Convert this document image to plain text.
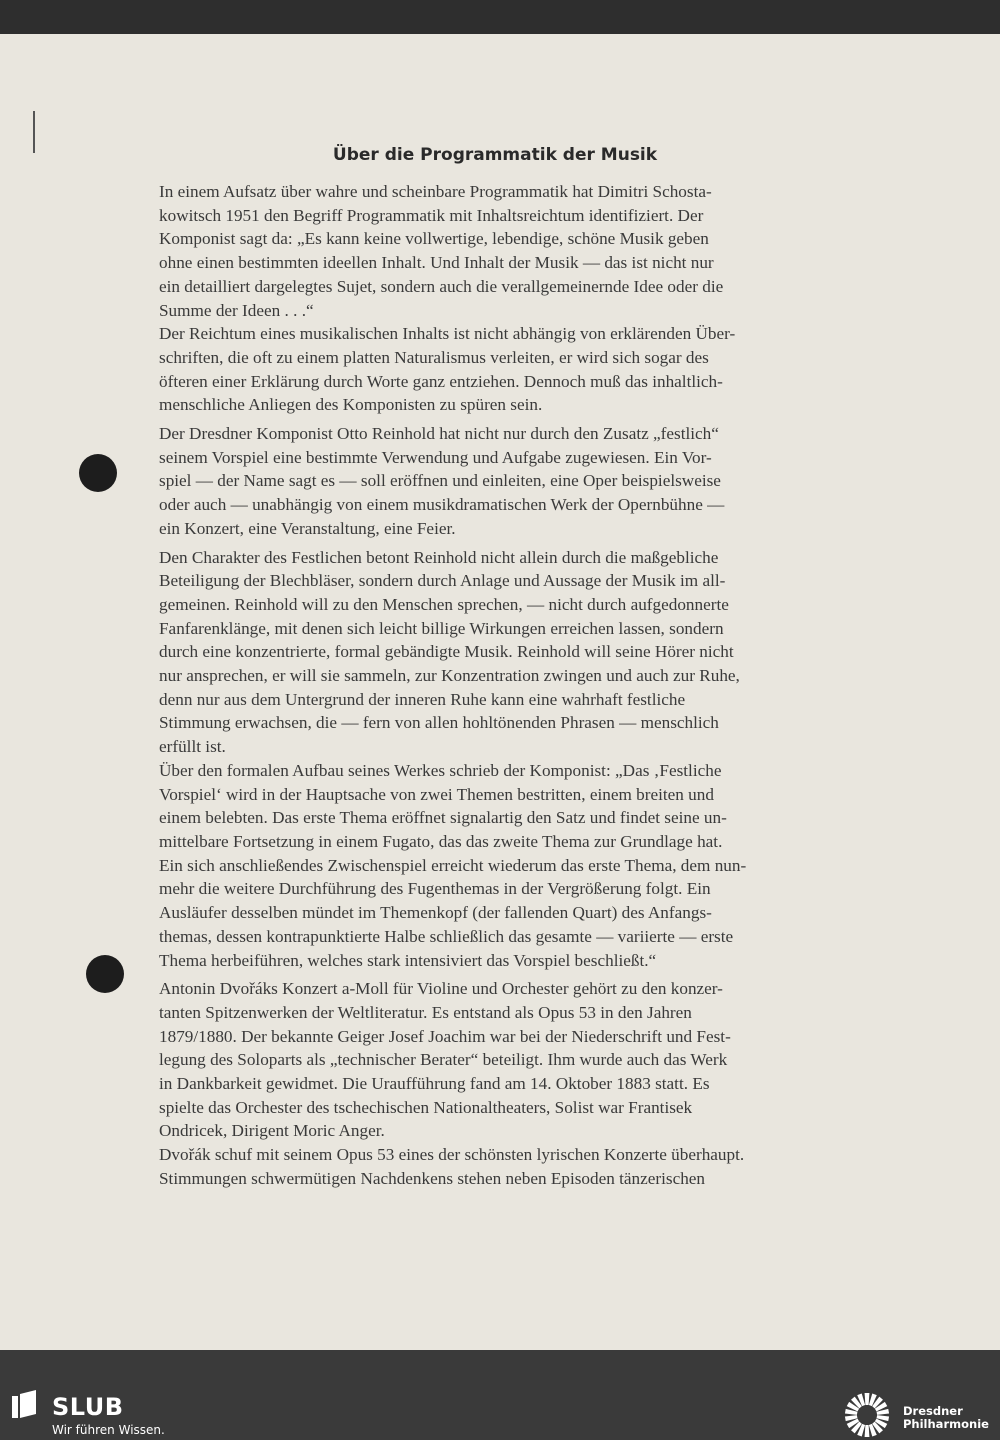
Über die Programmatik der Musik

In einem Aufsatz über wahre und scheinbare Programmatik hat Dimitri Schosta-
kowitsch 1951 den Begriff Programmatik mit Inhaltsreichtum identifiziert. Der
Komponist sagt da: „Es kann keine vollwertige, lebendige, schöne Musik geben
ohne einen bestimmten ideellen Inhalt. Und Inhalt der Musik — das ist nicht nur
ein detailliert dargelegtes Sujet, sondern auch die verallgemeinernde Idee oder die
Summe der Ideen . . .“

Der Reichtum eines musikalischen Inhalts ist nicht abhängig von erklärenden Über-
schriften, die oft zu einem platten Naturalismus verleiten, er wird sich sogar des
öfteren einer Erklärung durch Worte ganz entziehen. Dennoch muß das inhaltlich-
menschliche Anliegen des Komponisten zu spüren sein.

Der Dresdner Komponist Otto Reinhold hat nicht nur durch den Zusatz „festlich“
seinem Vorspiel eine bestimmte Verwendung und Aufgabe zugewiesen. Ein Vor-
spiel — der Name sagt es — soll eröffnen und einleiten, eine Oper beispielsweise
oder auch — unabhängig von einem musikdramatischen Werk der Opernbühne —
ein Konzert, eine Veranstaltung, eine Feier.

Den Charakter des Festlichen betont Reinhold nicht allein durch die maßgebliche
Beteiligung der Blechbläser, sondern durch Anlage und Aussage der Musik im all-
gemeinen. Reinhold will zu den Menschen sprechen, — nicht durch aufgedonnerte
Fanfarenklänge, mit denen sich leicht billige Wirkungen erreichen lassen, sondern
durch eine konzentrierte, formal gebändigte Musik. Reinhold will seine Hörer nicht
nur ansprechen, er will sie sammeln, zur Konzentration zwingen und auch zur Ruhe,
denn nur aus dem Untergrund der inneren Ruhe kann eine wahrhaft festliche
Stimmung erwachsen, die — fern von allen hohltönenden Phrasen — menschlich
erfüllt ist.

Über den formalen Aufbau seines Werkes schrieb der Komponist: „Das ‚Festliche
Vorspiel‘ wird in der Hauptsache von zwei Themen bestritten, einem breiten und
einem belebten. Das erste Thema eröffnet signalartig den Satz und findet seine un-
mittelbare Fortsetzung in einem Fugato, das das zweite Thema zur Grundlage hat.
Ein sich anschließendes Zwischenspiel erreicht wiederum das erste Thema, dem nun-
mehr die weitere Durchführung des Fugenthemas in der Vergrößerung folgt. Ein
Ausläufer desselben mündet im Themenkopf (der fallenden Quart) des Anfangs-
themas, dessen kontrapunktierte Halbe schließlich das gesamte — variierte — erste
Thema herbeiführen, welches stark intensiviert das Vorspiel beschließt.“

Antonin Dvořáks Konzert a-Moll für Violine und Orchester gehört zu den konzer-
tanten Spitzenwerken der Weltliteratur. Es entstand als Opus 53 in den Jahren
1879/1880. Der bekannte Geiger Josef Joachim war bei der Niederschrift und Fest-
legung des Soloparts als „technischer Berater“ beteiligt. Ihm wurde auch das Werk
in Dankbarkeit gewidmet. Die Uraufführung fand am 14. Oktober 1883 statt. Es
spielte das Orchester des tschechischen Nationaltheaters, Solist war Frantisek
Ondricek, Dirigent Moric Anger.

Dvořák schuf mit seinem Opus 53 eines der schönsten lyrischen Konzerte überhaupt.
Stimmungen schwermütigen Nachdenkens stehen neben Episoden tänzerischen

SLUB
Wir führen Wissen.
Dresdner
Philharmonie
